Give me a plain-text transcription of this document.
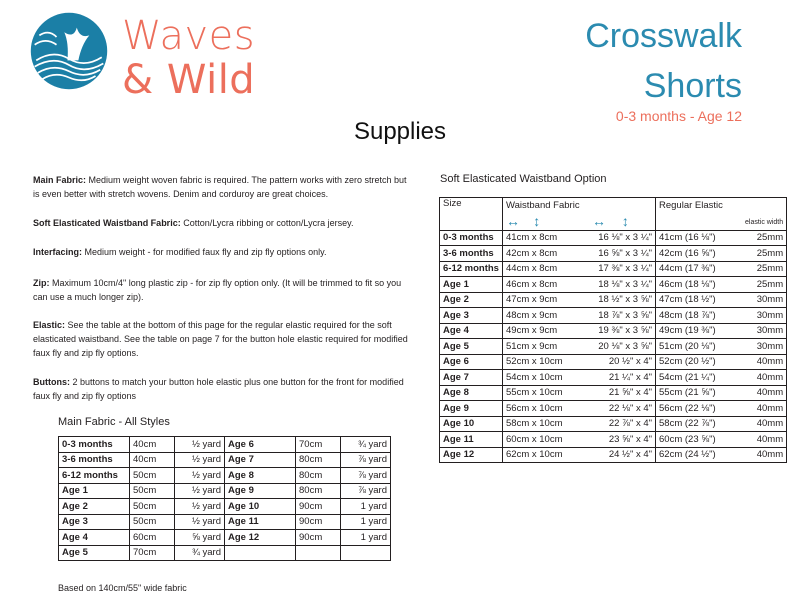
Waves
& Wild
Crosswalk
Shorts
0-3 months - Age 12
Supplies
Main Fabric: Medium weight woven fabric is required. The pattern works with zero stretch but is even better with stretch wovens. Denim and corduroy are great choices.
Soft Elasticated Waistband Fabric: Cotton/Lycra ribbing or cotton/Lycra jersey.
Interfacing: Medium weight - for modified faux fly and zip fly options only.
Zip: Maximum 10cm/4" long plastic zip - for zip fly option only. (It will be trimmed to fit so you can use a much longer zip).
Elastic: See the table at the bottom of this page for the regular elastic required for the soft elasticated waistband. See the table on page 7 for the button hole elastic required for modified faux fly and zip fly options.
Buttons: 2 buttons to match your button hole elastic plus one button for the front for modified faux fly and zip fly options
Main Fabric - All Styles
0-3 months	40cm	½ yard	Age 6	70cm	¾ yard
3-6 months	40cm	½ yard	Age 7	80cm	⅞ yard
6-12 months	50cm	½ yard	Age 8	80cm	⅞ yard
Age 1	50cm	½ yard	Age 9	80cm	⅞ yard
Age 2	50cm	½ yard	Age 10	90cm	1 yard
Age 3	50cm	½ yard	Age 11	90cm	1 yard
Age 4	60cm	⅝ yard	Age 12	90cm	1 yard
Age 5	70cm	¾ yard			
Based on 140cm/55" wide fabric
Soft Elasticated Waistband Option
Size	Waistband Fabric		Regular Elastic	
	↔ ↕	↔ ↕		elastic width
0-3 months	41cm x 8cm	16 ⅛" x 3 ¼"	41cm (16 ⅛")	25mm
3-6 months	42cm x 8cm	16 ⅝" x 3 ¼"	42cm (16 ⅝")	25mm
6-12 months	44cm x 8cm	17 ⅜" x 3 ¼"	44cm (17 ⅜")	25mm
Age 1	46cm x 8cm	18 ⅛" x 3 ¼"	46cm (18 ⅛")	25mm
Age 2	47cm x 9cm	18 ½" x 3 ⅝"	47cm (18 ½")	30mm
Age 3	48cm x 9cm	18 ⅞" x 3 ⅝"	48cm (18 ⅞")	30mm
Age 4	49cm x 9cm	19 ⅜" x 3 ⅝"	49cm (19 ⅜")	30mm
Age 5	51cm x 9cm	20 ⅛" x 3 ⅝"	51cm (20 ⅛")	30mm
Age 6	52cm x 10cm	20 ½" x 4"	52cm (20 ½")	40mm
Age 7	54cm x 10cm	21 ¼" x 4"	54cm (21 ¼")	40mm
Age 8	55cm x 10cm	21 ⅝" x 4"	55cm (21 ⅝")	40mm
Age 9	56cm x 10cm	22 ⅛" x 4"	56cm (22 ⅛")	40mm
Age 10	58cm x 10cm	22 ⅞" x 4"	58cm (22 ⅞")	40mm
Age 11	60cm x 10cm	23 ⅝" x 4"	60cm (23 ⅝")	40mm
Age 12	62cm x 10cm	24 ½" x 4"	62cm (24 ½")	40mm
